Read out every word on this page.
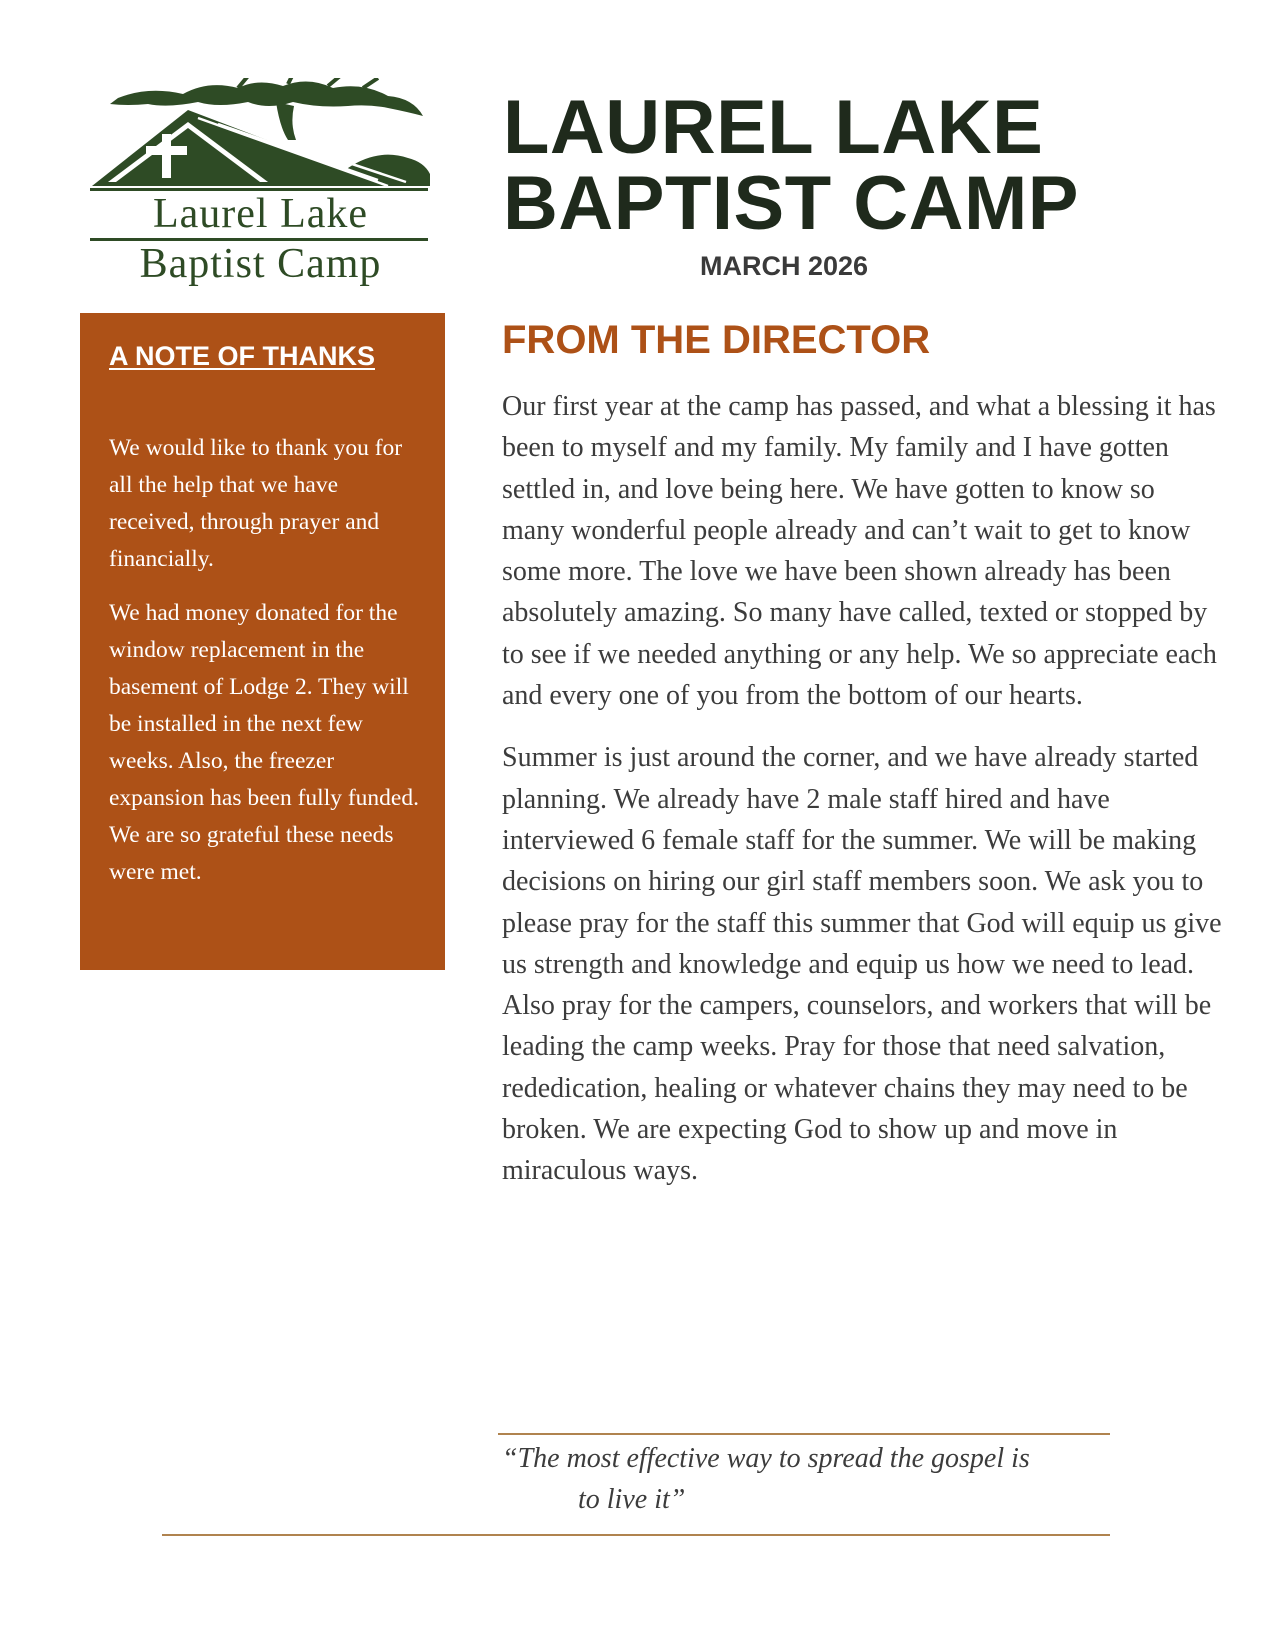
Laurel Lake
Baptist Camp
LAUREL LAKE
BAPTIST CAMP
MARCH 2026
A NOTE OF THANKS

We would like to thank you for all the help that we have received, through prayer and financially.

We had money donated for the window replacement in the basement of Lodge 2. They will be installed in the next few weeks. Also, the freezer expansion has been fully funded. We are so grateful these needs were met.

FROM THE DIRECTOR

Our first year at the camp has passed, and what a blessing it has been to myself and my family. My family and I have gotten settled in, and love being here. We have gotten to know so many wonderful people already and can’t wait to get to know some more. The love we have been shown already has been absolutely amazing. So many have called, texted or stopped by to see if we needed anything or any help. We so appreciate each and every one of you from the bottom of our hearts.

Summer is just around the corner, and we have already started planning. We already have 2 male staff hired and have interviewed 6 female staff for the summer. We will be making decisions on hiring our girl staff members soon. We ask you to please pray for the staff this summer that God will equip us give us strength and knowledge and equip us how we need to lead. Also pray for the campers, counselors, and workers that will be leading the camp weeks. Pray for those that need salvation, rededication, healing or whatever chains they may need to be broken. We are expecting God to show up and move in miraculous ways.

“The most effective way to spread the gospel is
to live it”
